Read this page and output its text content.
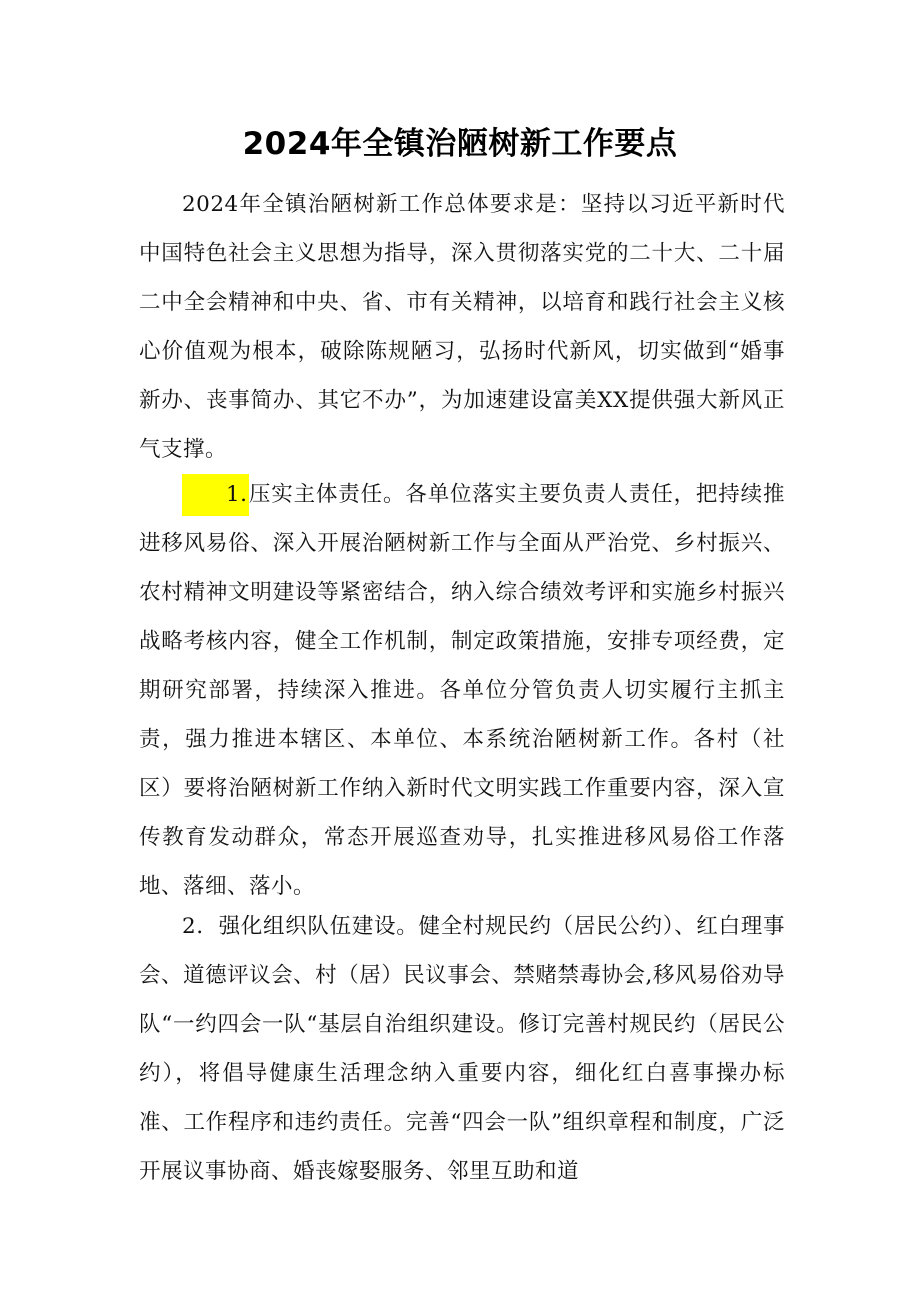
2024年全镇治陋树新工作要点

2024年全镇治陋树新工作总体要求是：坚持以习近平新时代中国特色社会主义思想为指导，深入贯彻落实党的二十大、二十届二中全会精神和中央、省、市有关精神，以培育和践行社会主义核心价值观为根本，破除陈规陋习，弘扬时代新风，切实做到“婚事新办、丧事简办、其它不办”，为加速建设富美XX提供强大新风正气支撑。

1.压实主体责任。各单位落实主要负责人责任，把持续推进移风易俗、深入开展治陋树新工作与全面从严治党、乡村振兴、农村精神文明建设等紧密结合，纳入综合绩效考评和实施乡村振兴战略考核内容，健全工作机制，制定政策措施，安排专项经费，定期研究部署，持续深入推进。各单位分管负责人切实履行主抓主责，强力推进本辖区、本单位、本系统治陋树新工作。各村（社区）要将治陋树新工作纳入新时代文明实践工作重要内容，深入宣传教育发动群众，常态开展巡查劝导，扎实推进移风易俗工作落地、落细、落小。

2．强化组织队伍建设。健全村规民约（居民公约）、红白理事会、道德评议会、村（居）民议事会、禁赌禁毒协会,移风易俗劝导队“一约四会一队“基层自治组织建设。修订完善村规民约（居民公约），将倡导健康生活理念纳入重要内容，细化红白喜事操办标准、工作程序和违约责任。完善“四会一队”组织章程和制度，广泛开展议事协商、婚丧嫁娶服务、邻里互助和道
